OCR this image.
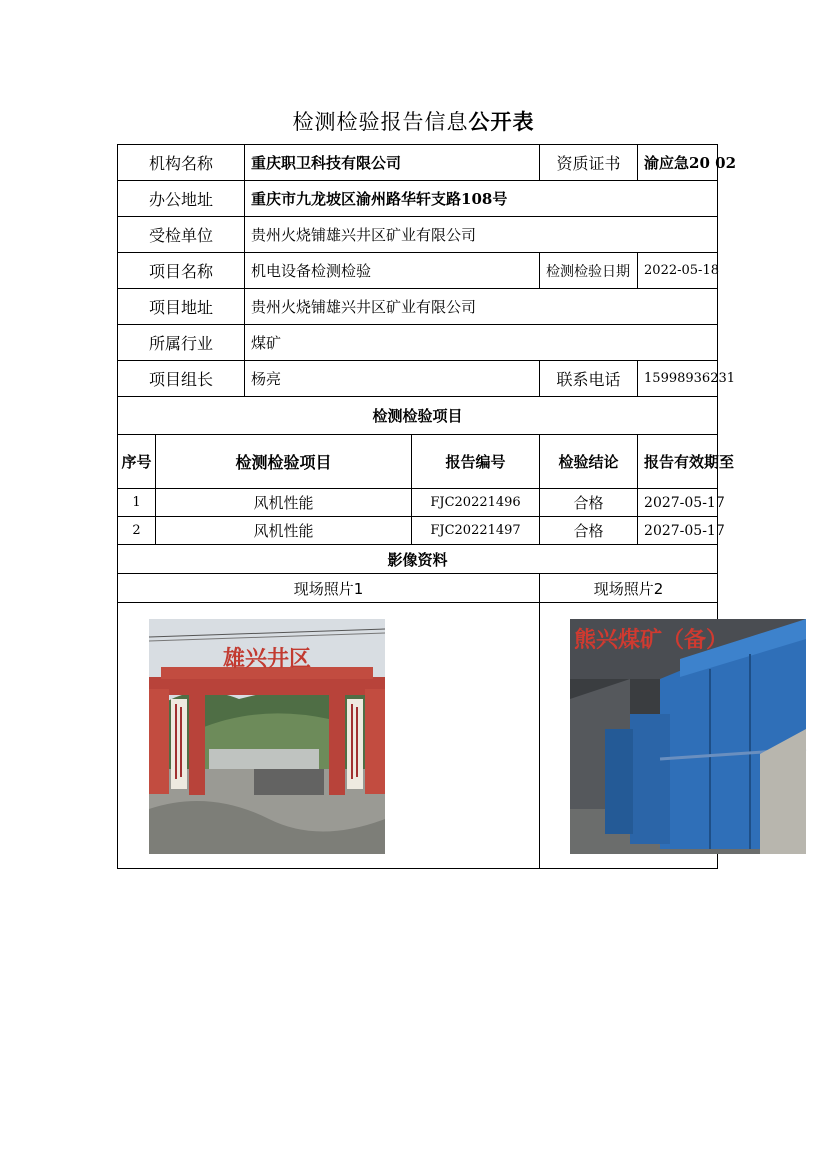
检测检验报告信息公开表
机构名称		重庆职卫科技有限公司		资质证书	渝应急20 02
办公地址		重庆市九龙坡区渝州路华轩支路108号			
受检单位		贵州火烧铺雄兴井区矿业有限公司			
项目名称		机电设备检测检验		检测检验日期	2022-05-18
项目地址		贵州火烧铺雄兴井区矿业有限公司			
所属行业		煤矿			
项目组长		杨亮		联系电话	15998936231
检测检验项目					
序号	检测检验项目		报告编号	检验结论	报告有效期至
1	风机性能		FJC20221496	合格	2027-05-17
2	风机性能		FJC20221497	合格	2027-05-17
影像资料					
现场照片1				现场照片2	

雄兴井区				熊兴煤矿（备）	
